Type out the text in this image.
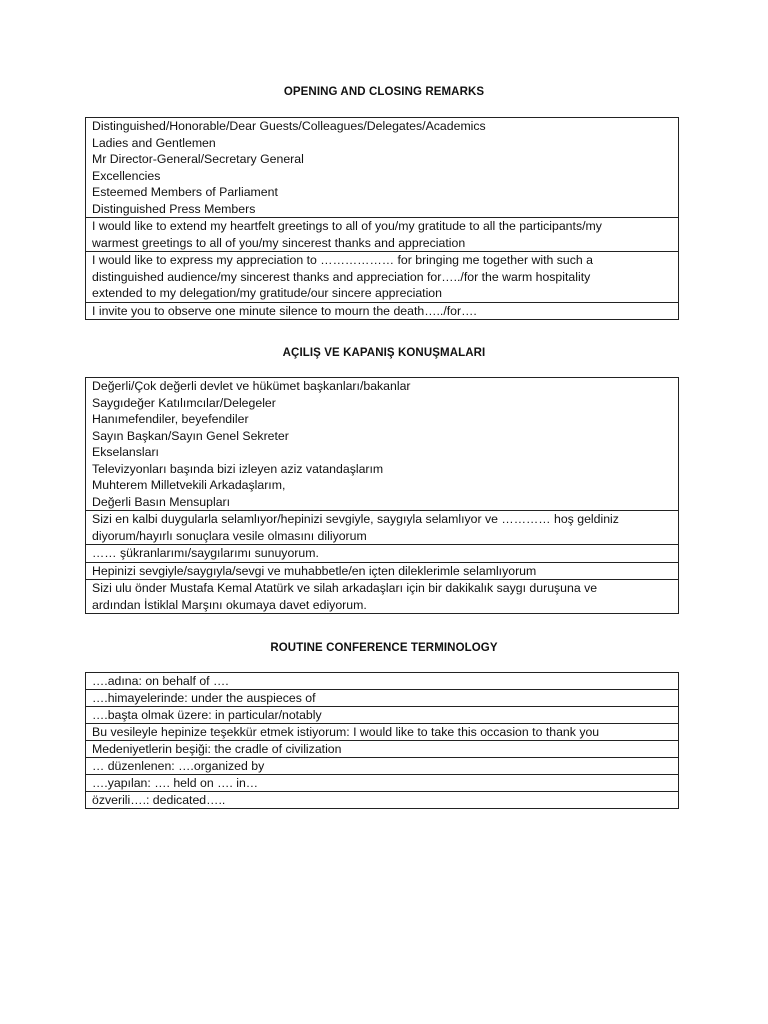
OPENING AND CLOSING REMARKS
Distinguished/Honorable/Dear Guests/Colleagues/Delegates/Academics
Ladies and Gentlemen
Mr Director-General/Secretary General
Excellencies
Esteemed Members of Parliament
Distinguished Press Members

I would like to extend my heartfelt greetings to all of you/my gratitude to all the participants/my
warmest greetings to all of you/my sincerest thanks and appreciation

I would like to express my appreciation to ……………… for bringing me together with such a
distinguished audience/my sincerest thanks and appreciation for…../for the warm hospitality
extended to my delegation/my gratitude/our sincere appreciation

I invite you to observe one minute silence to mourn the death…../for….
AÇILIŞ VE KAPANIŞ KONUŞMALARI
Değerli/Çok değerli devlet ve hükümet başkanları/bakanlar
Saygıdeğer Katılımcılar/Delegeler
Hanımefendiler, beyefendiler
Sayın Başkan/Sayın Genel Sekreter
Ekselansları
Televizyonları başında bizi izleyen aziz vatandaşlarım
Muhterem Milletvekili Arkadaşlarım,
Değerli Basın Mensupları

Sizi en kalbi duygularla selamlıyor/hepinizi sevgiyle, saygıyla selamlıyor ve ………… hoş geldiniz
diyorum/hayırlı sonuçlara vesile olmasını diliyorum

…… şükranlarımı/saygılarımı sunuyorum.

Hepinizi sevgiyle/saygıyla/sevgi ve muhabbetle/en içten dileklerimle selamlıyorum

Sizi ulu önder Mustafa Kemal Atatürk ve silah arkadaşları için bir dakikalık saygı duruşuna ve
ardından İstiklal Marşını okumaya davet ediyorum.
ROUTINE CONFERENCE TERMINOLOGY
….adına: on behalf of ….

….himayelerinde: under the auspieces of

….başta olmak üzere: in particular/notably

Bu vesileyle hepinize teşekkür etmek istiyorum: I would like to take this occasion to thank you

Medeniyetlerin beşiği: the cradle of civilization

… düzenlenen: ….organized by

….yapılan: …. held on …. in…

özverili….: dedicated…..
